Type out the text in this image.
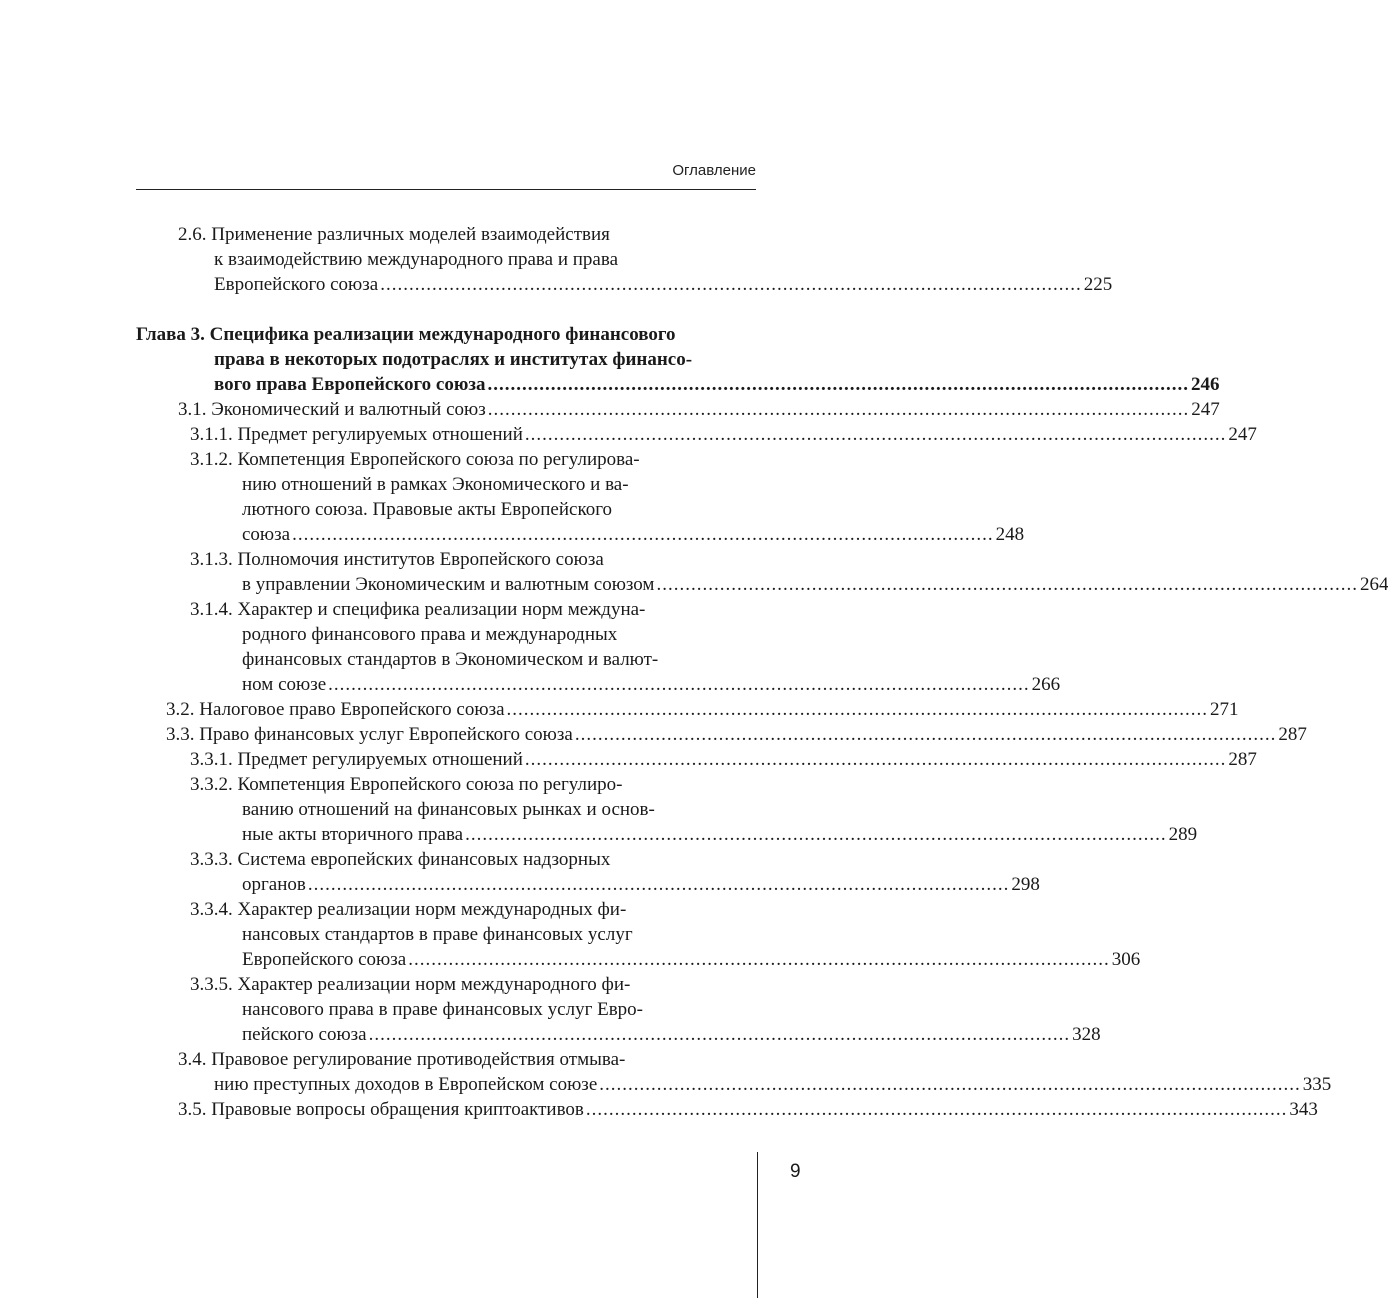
Оглавление
2.6. Применение различных моделей взаимодействия
к взаимодействию международного права и права
Европейского союза .......................................................................................................................... 225
Глава 3. Специфика реализации международного финансового
права в некоторых подотраслях и институтах финансо-
вого права Европейского союза .......................................................................................................................... 246
3.1. Экономический и валютный союз .......................................................................................................................... 247
3.1.1. Предмет регулируемых отношений .......................................................................................................................... 247
3.1.2. Компетенция Европейского союза по регулирова-
нию отношений в рамках Экономического и ва-
лютного союза. Правовые акты Европейского
союза .......................................................................................................................... 248
3.1.3. Полномочия институтов Европейского союза
в управлении Экономическим и валютным союзом .......................................................................................................................... 264
3.1.4. Характер и специфика реализации норм междуна-
родного финансового права и международных
финансовых стандартов в Экономическом и валют-
ном союзе .......................................................................................................................... 266
3.2. Налоговое право Европейского союза .......................................................................................................................... 271
3.3. Право финансовых услуг Европейского союза .......................................................................................................................... 287
3.3.1. Предмет регулируемых отношений .......................................................................................................................... 287
3.3.2. Компетенция Европейского союза по регулиро-
ванию отношений на финансовых рынках и основ-
ные акты вторичного права .......................................................................................................................... 289
3.3.3. Система европейских финансовых надзорных
органов .......................................................................................................................... 298
3.3.4. Характер реализации норм международных фи-
нансовых стандартов в праве финансовых услуг
Европейского союза .......................................................................................................................... 306
3.3.5. Характер реализации норм международного фи-
нансового права в праве финансовых услуг Евро-
пейского союза .......................................................................................................................... 328
3.4. Правовое регулирование противодействия отмыва-
нию преступных доходов в Европейском союзе .......................................................................................................................... 335
3.5. Правовые вопросы обращения криптоактивов .......................................................................................................................... 343
9
